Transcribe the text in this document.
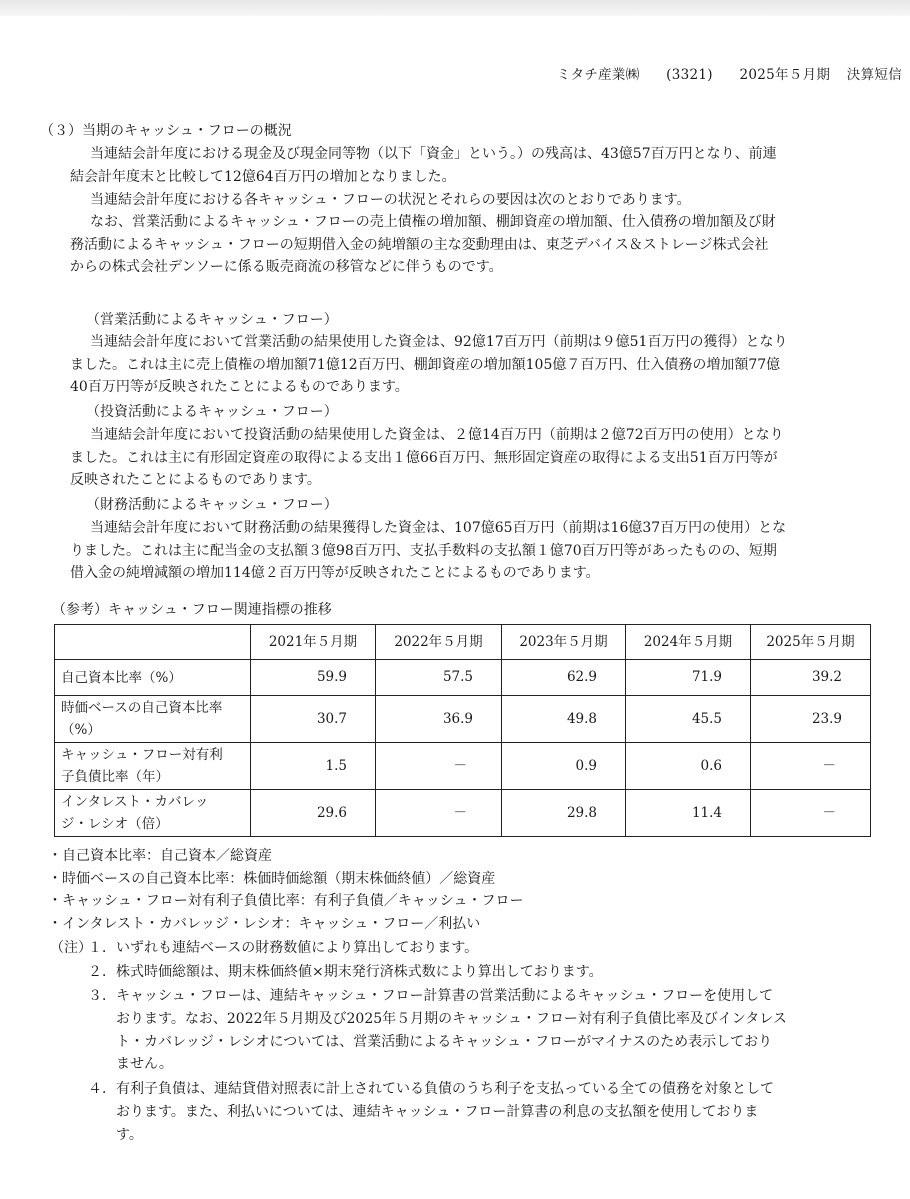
ミタチ産業㈱ (3321) 2025年５月期 決算短信
（３）当期のキャッシュ・フローの概況
当連結会計年度における現金及び現金同等物（以下「資金」という。）の残高は、43億57百万円となり、前連
結会計年度末と比較して12億64百万円の増加となりました。
当連結会計年度における各キャッシュ・フローの状況とそれらの要因は次のとおりであります。
なお、営業活動によるキャッシュ・フローの売上債権の増加額、棚卸資産の増加額、仕入債務の増加額及び財
務活動によるキャッシュ・フローの短期借入金の純増額の主な変動理由は、東芝デバイス＆ストレージ株式会社
からの株式会社デンソーに係る販売商流の移管などに伴うものです。
（営業活動によるキャッシュ・フロー）
当連結会計年度において営業活動の結果使用した資金は、92億17百万円（前期は９億51百万円の獲得）となり
ました。これは主に売上債権の増加額71億12百万円、棚卸資産の増加額105億７百万円、仕入債務の増加額77億
40百万円等が反映されたことによるものであります。
（投資活動によるキャッシュ・フロー）
当連結会計年度において投資活動の結果使用した資金は、２億14百万円（前期は２億72百万円の使用）となり
ました。これは主に有形固定資産の取得による支出１億66百万円、無形固定資産の取得による支出51百万円等が
反映されたことによるものであります。
（財務活動によるキャッシュ・フロー）
当連結会計年度において財務活動の結果獲得した資金は、107億65百万円（前期は16億37百万円の使用）とな
りました。これは主に配当金の支払額３億98百万円、支払手数料の支払額１億70百万円等があったものの、短期
借入金の純増減額の増加114億２百万円等が反映されたことによるものであります。
（参考）キャッシュ・フロー関連指標の推移
	2021年５月期	2022年５月期	2023年５月期	2024年５月期	2025年５月期
自己資本比率（%）	59.9	57.5	62.9	71.9	39.2

時価ベースの自己資本比率
（%）	30.7	36.9	49.8	45.5	23.9

キャッシュ・フロー対有利
子負債比率（年）	1.5	－	0.9	0.6	－

インタレスト・カバレッ
ジ・レシオ（倍）	29.6	－	29.8	11.4	－
・自己資本比率：自己資本／総資産
・時価ベースの自己資本比率：株価時価総額（期末株価終値）／総資産
・キャッシュ・フロー対有利子負債比率：有利子負債／キャッシュ・フロー
・インタレスト・カバレッジ・レシオ：キャッシュ・フロー／利払い
（注）
１．いずれも連結ベースの財務数値により算出しております。
２．株式時価総額は、期末株価終値×期末発行済株式数により算出しております。
３．キャッシュ・フローは、連結キャッシュ・フロー計算書の営業活動によるキャッシュ・フローを使用して
おります。なお、2022年５月期及び2025年５月期のキャッシュ・フロー対有利子負債比率及びインタレス
ト・カバレッジ・レシオについては、営業活動によるキャッシュ・フローがマイナスのため表示しており
ません。
４．有利子負債は、連結貸借対照表に計上されている負債のうち利子を支払っている全ての債務を対象として
おります。また、利払いについては、連結キャッシュ・フロー計算書の利息の支払額を使用しておりま
す。
